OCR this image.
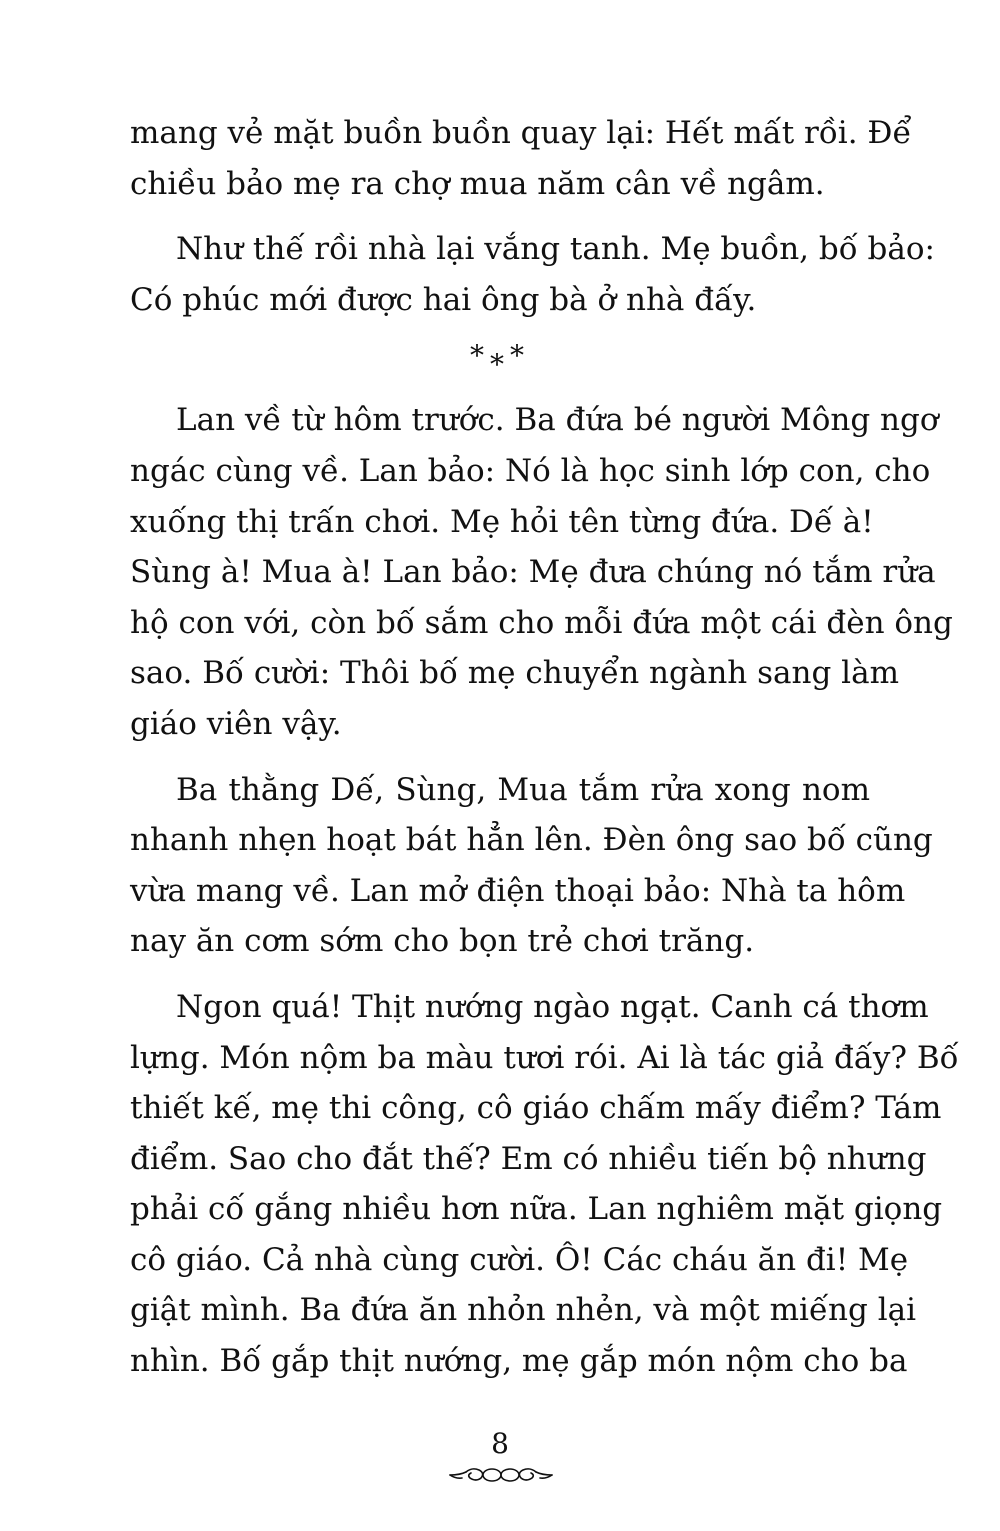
mang vẻ mặt buồn buồn quay lại: Hết mất rồi. Để
chiều bảo mẹ ra chợ mua năm cân về ngâm.
Như thế rồi nhà lại vắng tanh. Mẹ buồn, bố bảo:
Có phúc mới được hai ông bà ở nhà đấy.
***
Lan về từ hôm trước. Ba đứa bé người Mông ngơ
ngác cùng về. Lan bảo: Nó là học sinh lớp con, cho
xuống thị trấn chơi. Mẹ hỏi tên từng đứa. Dế à!
Sùng à! Mua à! Lan bảo: Mẹ đưa chúng nó tắm rửa
hộ con với, còn bố sắm cho mỗi đứa một cái đèn ông
sao. Bố cười: Thôi bố mẹ chuyển ngành sang làm
giáo viên vậy.
Ba thằng Dế, Sùng, Mua tắm rửa xong nom
nhanh nhẹn hoạt bát hẳn lên. Đèn ông sao bố cũng
vừa mang về. Lan mở điện thoại bảo: Nhà ta hôm
nay ăn cơm sớm cho bọn trẻ chơi trăng.
Ngon quá! Thịt nướng ngào ngạt. Canh cá thơm
lựng. Món nộm ba màu tươi rói. Ai là tác giả đấy? Bố
thiết kế, mẹ thi công, cô giáo chấm mấy điểm? Tám
điểm. Sao cho đắt thế? Em có nhiều tiến bộ nhưng
phải cố gắng nhiều hơn nữa. Lan nghiêm mặt giọng
cô giáo. Cả nhà cùng cười. Ô! Các cháu ăn đi! Mẹ
giật mình. Ba đứa ăn nhỏn nhẻn, và một miếng lại
nhìn. Bố gắp thịt nướng, mẹ gắp món nộm cho ba
8
